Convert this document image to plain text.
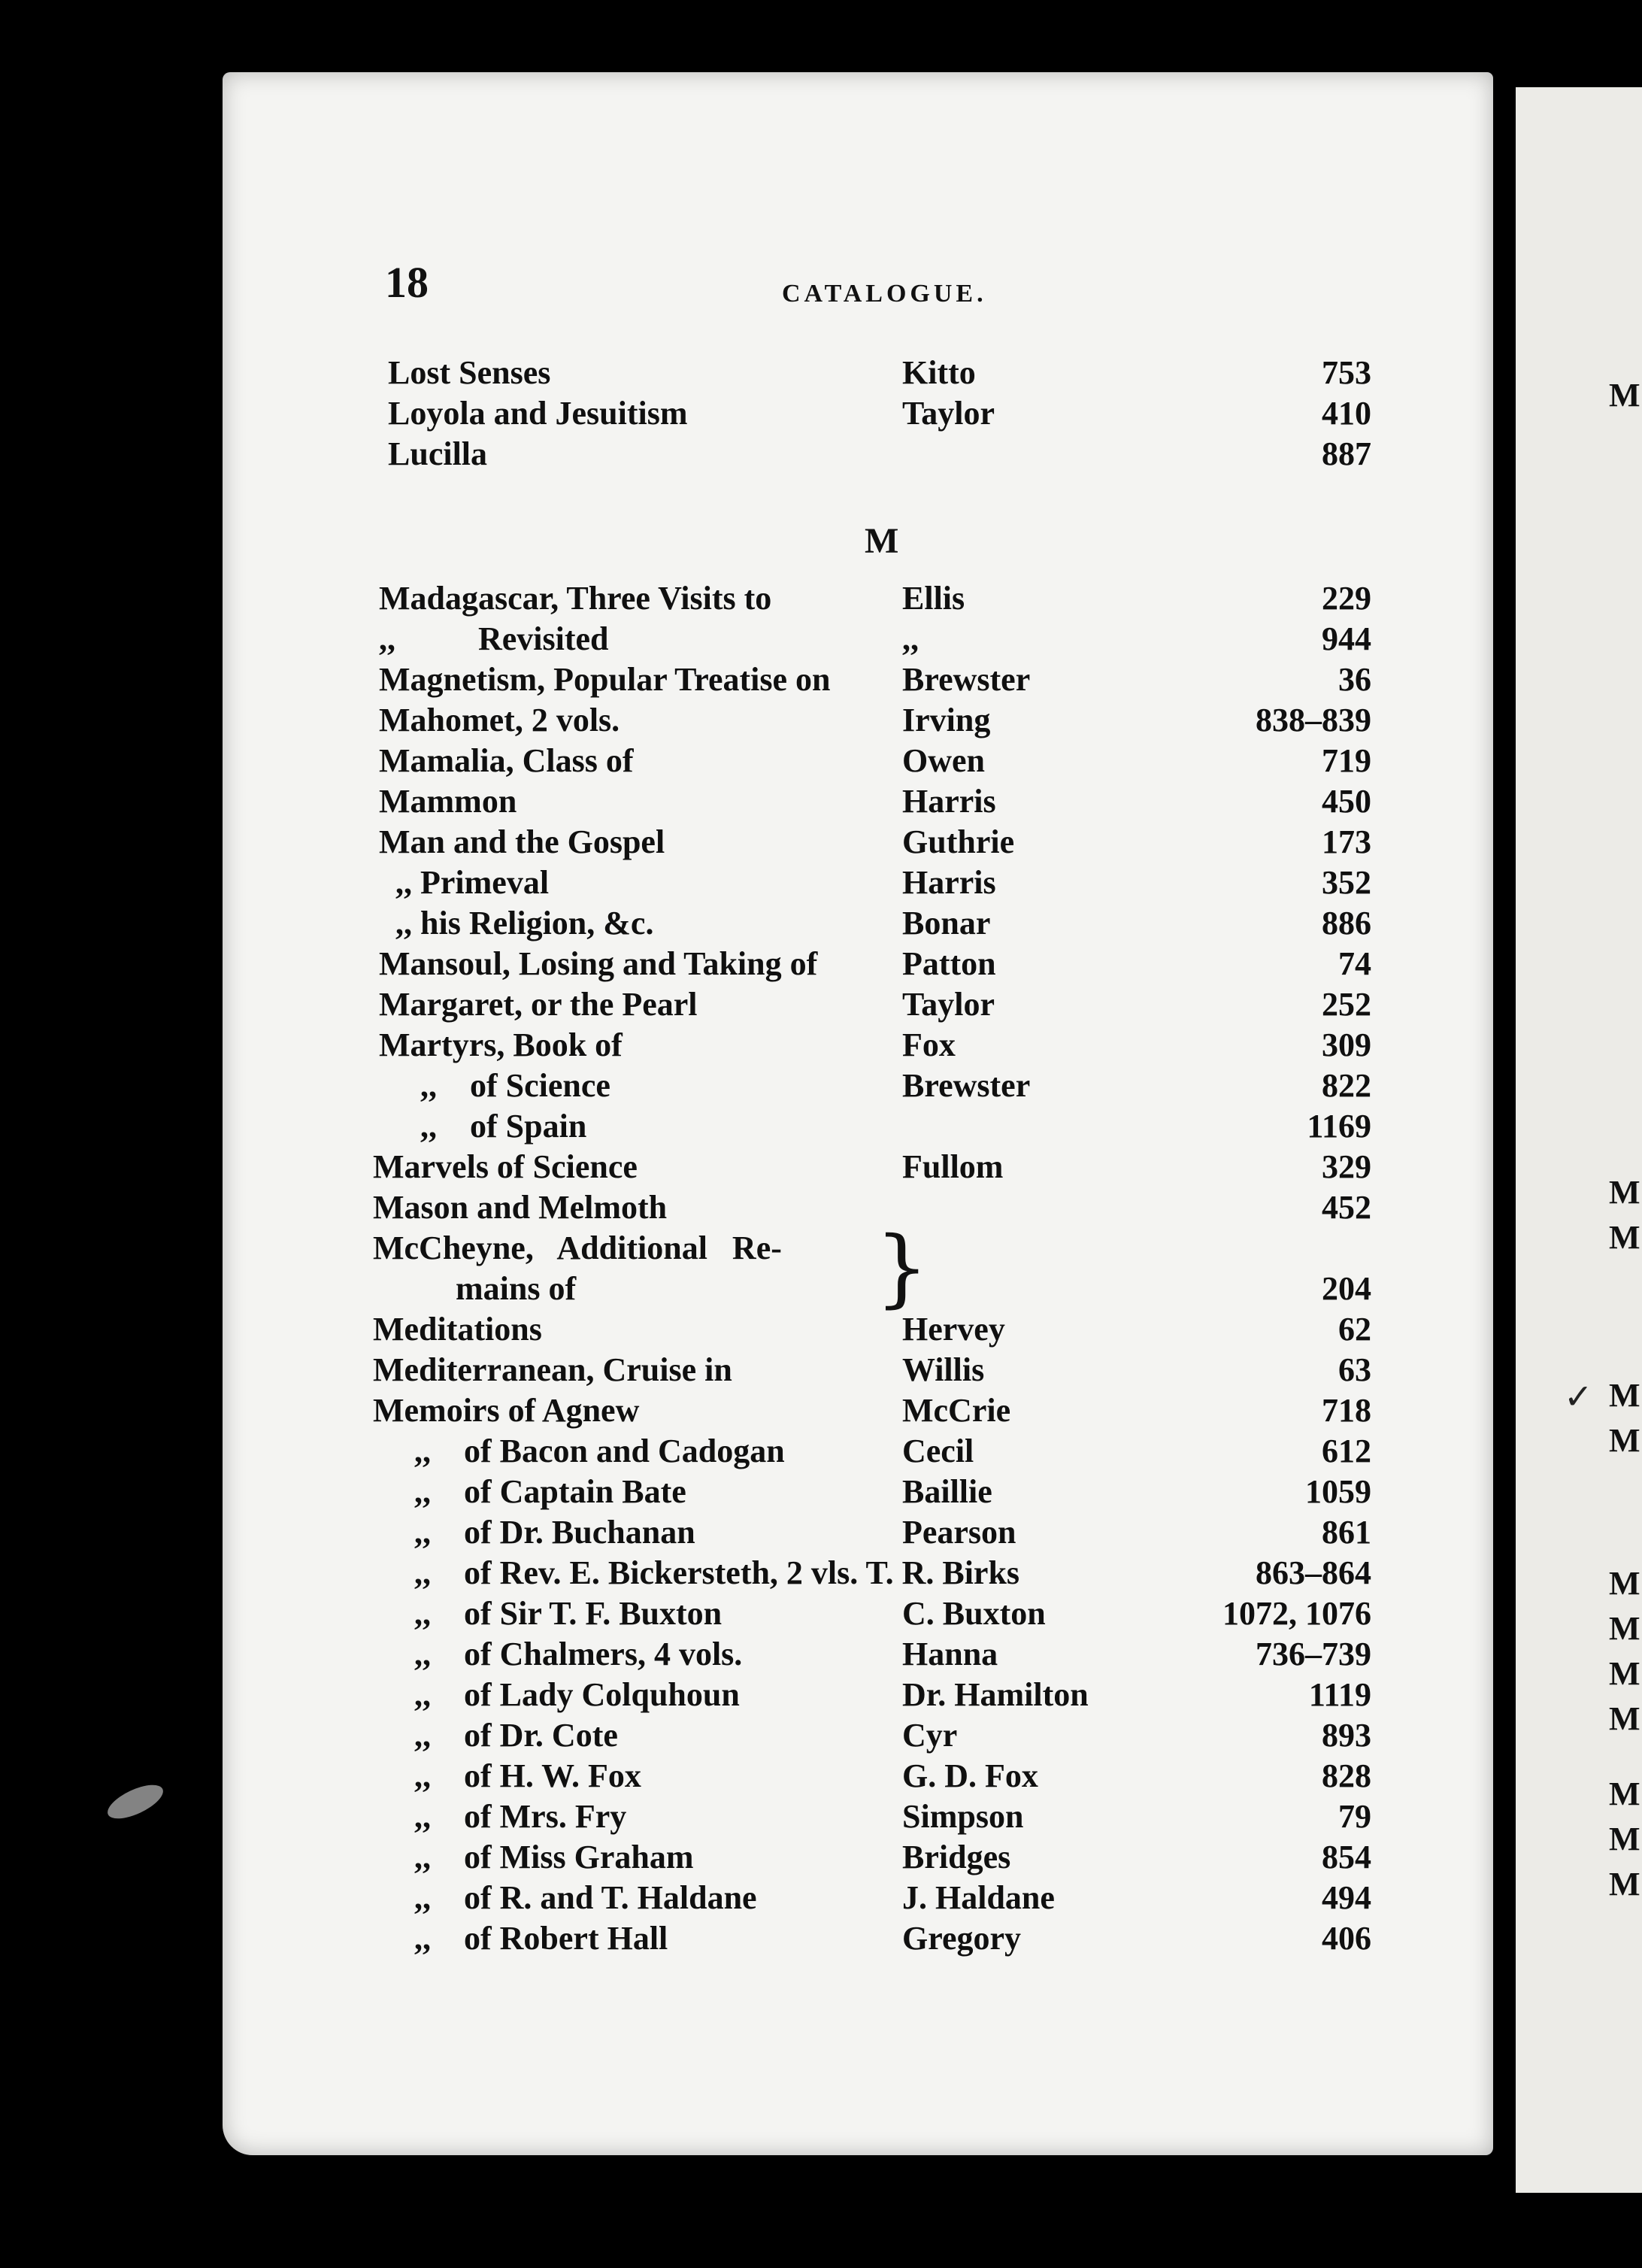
18	CATALOGUE.
M
Lost Senses	Kitto	753
Loyola and Jesuitism	Taylor	410
Lucilla	887
Madagascar, Three Visits to	Ellis	229
,,          Revisited	,,	944
Magnetism, Popular Treatise on Brewster	36
Mahomet, 2 vols.	Irving	838–839
Mamalia, Class of	Owen	719
Mammon	Harris	450
Man and the Gospel	Guthrie	173
,, Primeval	Harris	352
,, his Religion, &c.	Bonar	886
Mansoul, Losing and Taking of	Patton	74
Margaret, or the Pearl	Taylor	252
Martyrs, Book of	Fox	309
,,    of Science	Brewster	822
,,    of Spain	1169
Marvels of Science	Fullom	329
Mason and Melmoth	452
McCheyne,   Additional   Re-
mains of	204
Meditations	Hervey	62
Mediterranean, Cruise in	Willis	63
Memoirs of Agnew	McCrie	718
,,    of Bacon and Cadogan	Cecil	612
,,    of Captain Bate	Baillie	1059
,,    of Dr. Buchanan	Pearson	861
,,    of Rev. E. Bickersteth, 2 vls. T. R. Birks	863–864
,,    of Sir T. F. Buxton	C. Buxton	1072, 1076
,,    of Chalmers, 4 vols.	Hanna	736–739
,,    of Lady Colquhoun	Dr. Hamilton	1119
,,    of Dr. Cote	Cyr	893
,,    of H. W. Fox	G. D. Fox	828
,,    of Mrs. Fry	Simpson	79
,,    of Miss Graham	Bridges	854
,,    of R. and T. Haldane	J. Haldane	494
,,    of Robert Hall	Gregory	406
}
M
M
M
M
M
M
M
M
M
M
M
M
✓
